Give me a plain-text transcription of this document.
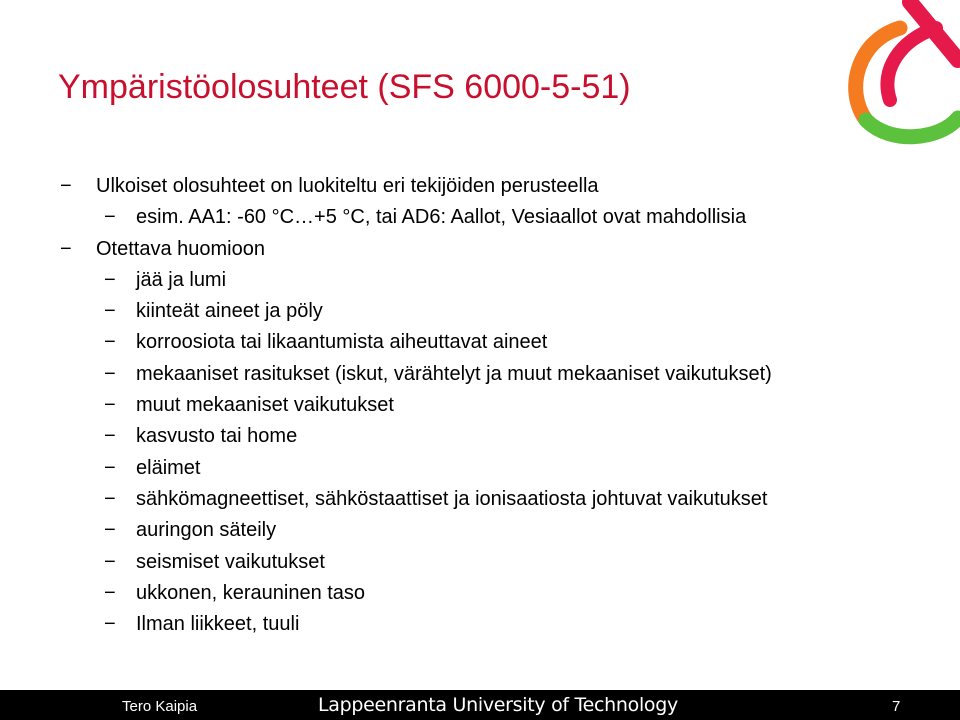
Ympäristöolosuhteet (SFS 6000-5-51)
− Ulkoiset olosuhteet on luokiteltu eri tekijöiden perusteella
− esim. AA1: -60 °C…+5 °C, tai AD6: Aallot, Vesiaallot ovat mahdollisia
− Otettava huomioon
− jää ja lumi
− kiinteät aineet ja pöly
− korroosiota tai likaantumista aiheuttavat aineet
− mekaaniset rasitukset (iskut, värähtelyt ja muut mekaaniset vaikutukset)
− muut mekaaniset vaikutukset
− kasvusto tai home
− eläimet
− sähkömagneettiset, sähköstaattiset ja ionisaatiosta johtuvat vaikutukset
− auringon säteily
− seismiset vaikutukset
− ukkonen, kerauninen taso
− Ilman liikkeet, tuuli
Tero Kaipia	Lappeenranta University of Technology	7
